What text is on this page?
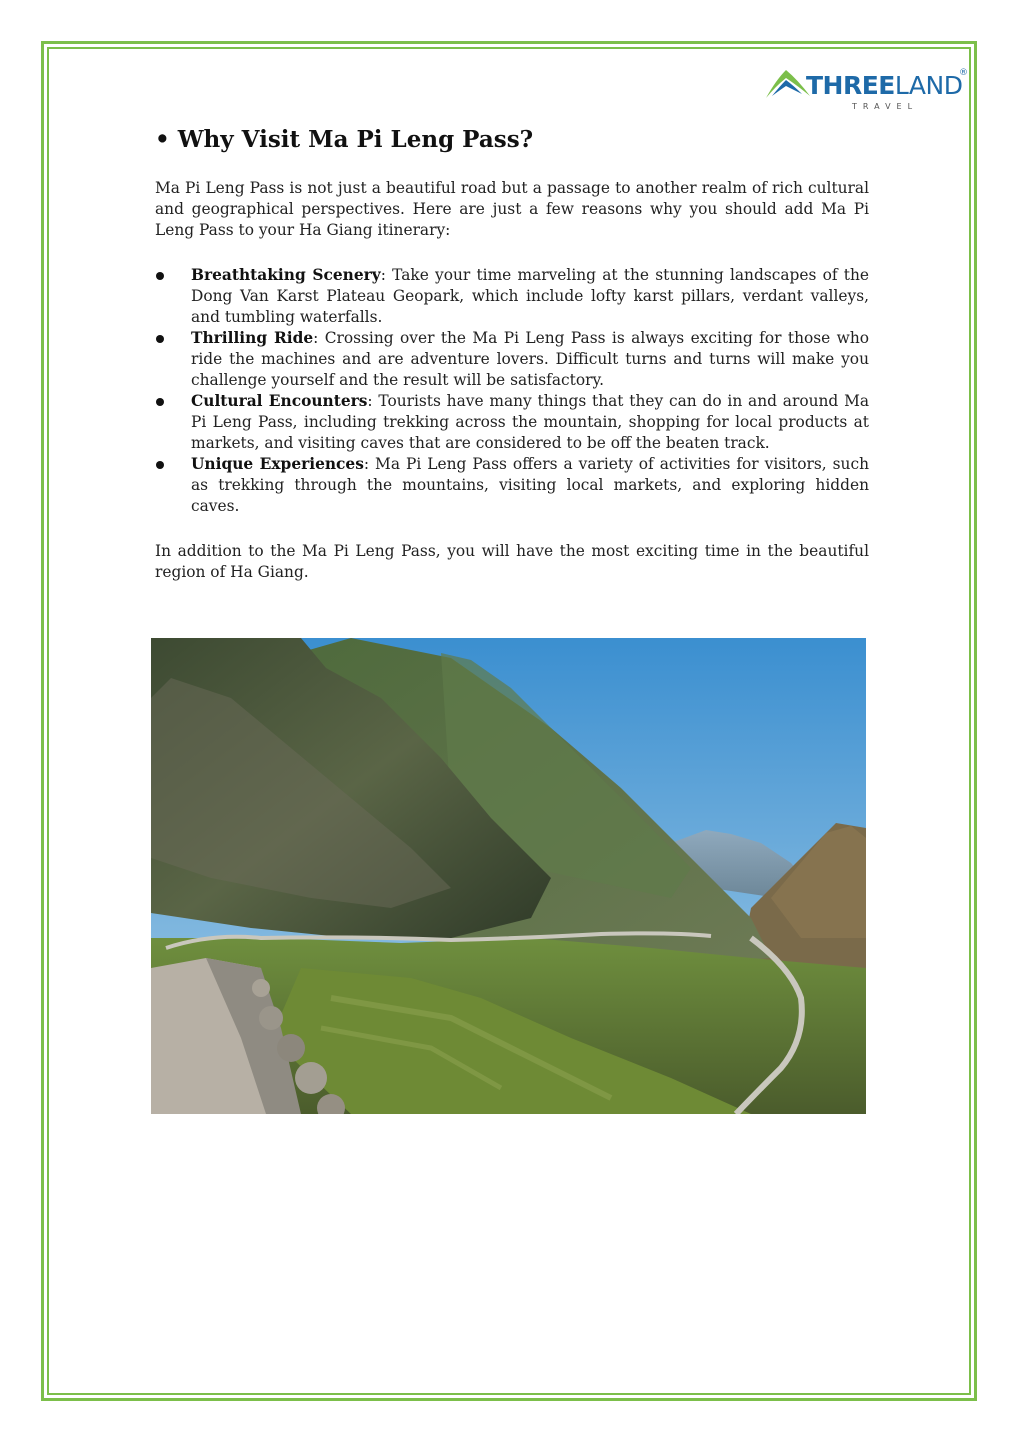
THREELAND
®
TRAVEL
• Why Visit Ma Pi Leng Pass?

Ma Pi Leng Pass is not just a beautiful road but a passage to another realm of rich cultural and geographical perspectives. Here are just a few reasons why you should add Ma Pi Leng Pass to your Ha Giang itinerary:

Breathtaking Scenery: Take your time marveling at the stunning landscapes of the Dong Van Karst Plateau Geopark, which include lofty karst pillars, verdant valleys, and tumbling waterfalls.
Thrilling Ride: Crossing over the Ma Pi Leng Pass is always exciting for those who ride the machines and are adventure lovers. Difficult turns and turns will make you challenge yourself and the result will be satisfactory.
Cultural Encounters: Tourists have many things that they can do in and around Ma Pi Leng Pass, including trekking across the mountain, shopping for local products at markets, and visiting caves that are considered to be off the beaten track.
Unique Experiences: Ma Pi Leng Pass offers a variety of activities for visitors, such as trekking through the mountains, visiting local markets, and exploring hidden caves.

In addition to the Ma Pi Leng Pass, you will have the most exciting time in the beautiful region of Ha Giang.
